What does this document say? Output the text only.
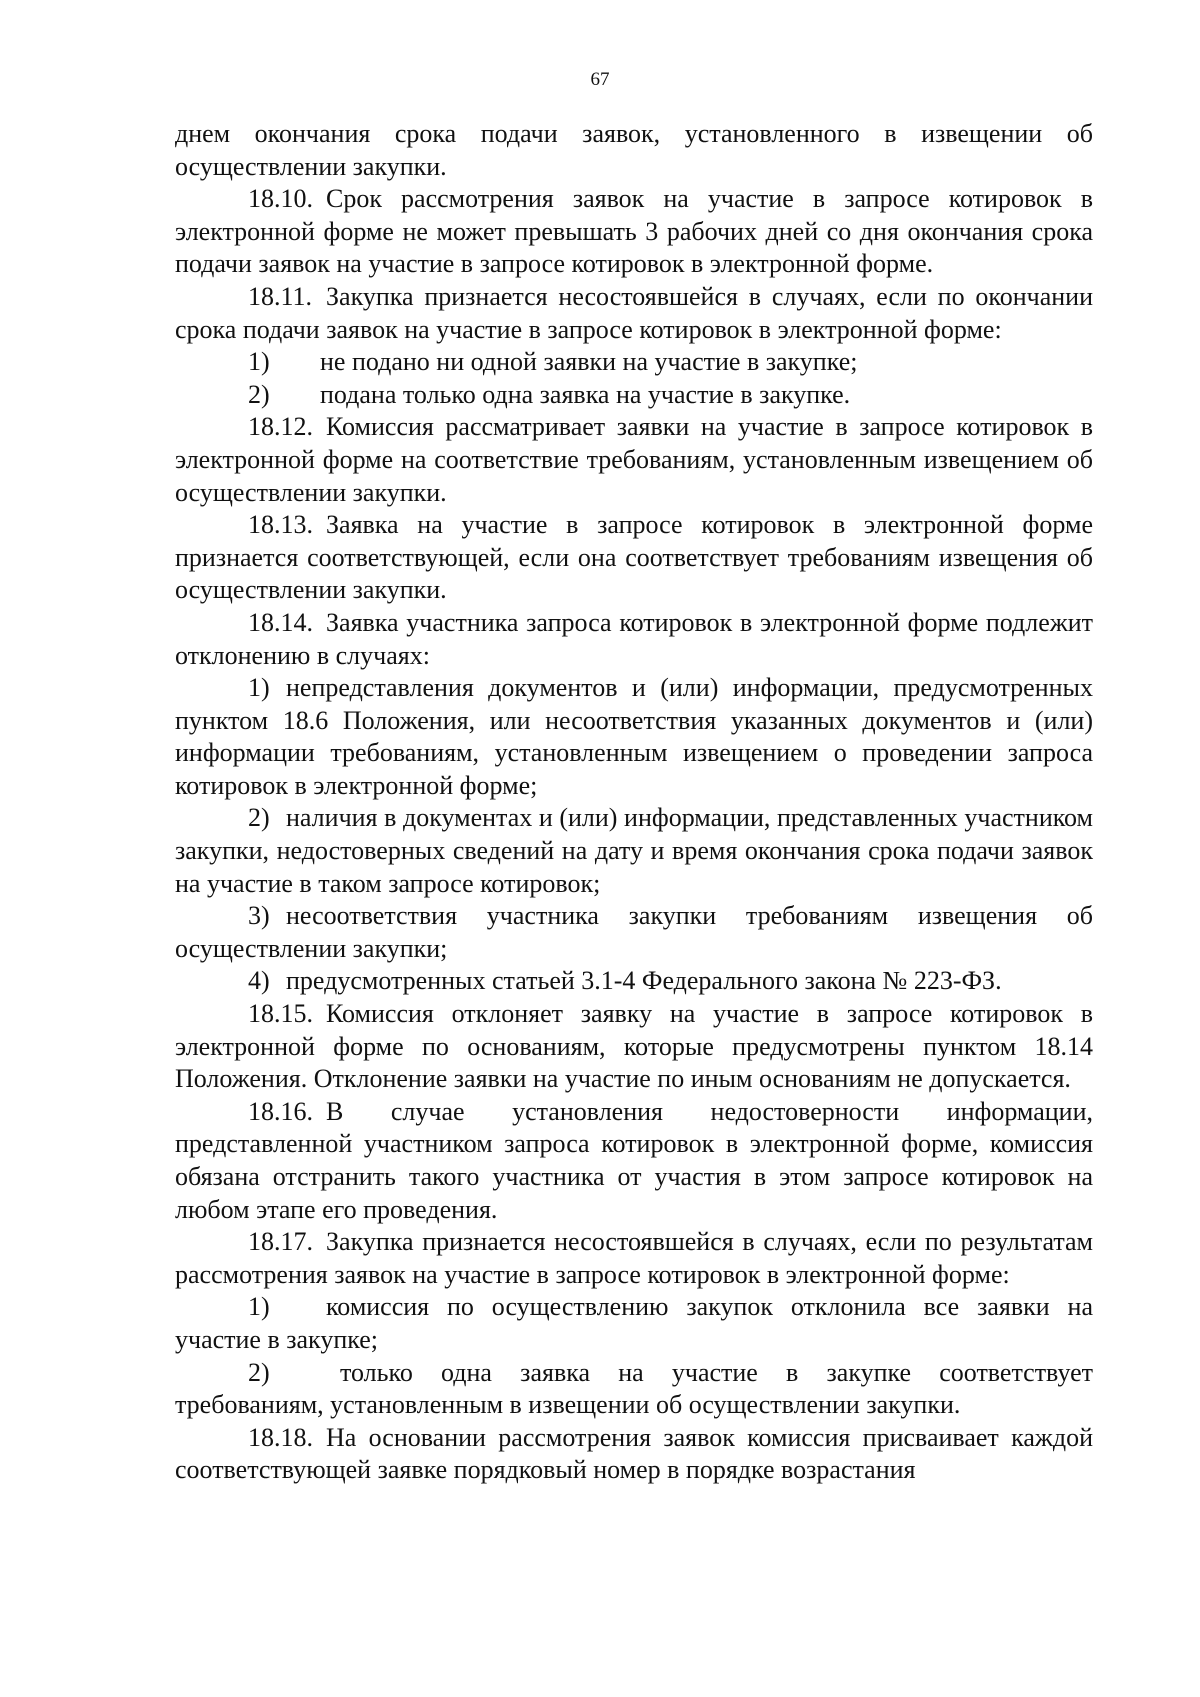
67

днем окончания срока подачи заявок, установленного в извещении об осуществлении закупки.

18.10. Срок рассмотрения заявок на участие в запросе котировок в электронной форме не может превышать 3 рабочих дней со дня окончания срока подачи заявок на участие в запросе котировок в электронной форме.

18.11. Закупка признается несостоявшейся в случаях, если по окончании срока подачи заявок на участие в запросе котировок в электронной форме:

1)	не подано ни одной заявки на участие в закупке;
2)	подана только одна заявка на участие в закупке.

18.12. Комиссия рассматривает заявки на участие в запросе котировок в электронной форме на соответствие требованиям, установленным извещением об осуществлении закупки.

18.13. Заявка на участие в запросе котировок в электронной форме признается соответствующей, если она соответствует требованиям извещения об осуществлении закупки.

18.14. Заявка участника запроса котировок в электронной форме подлежит отклонению в случаях:

1) непредставления документов и (или) информации, предусмотренных пунктом 18.6 Положения, или несоответствия указанных документов и (или) информации требованиям, установленным извещением о проведении запроса котировок в электронной форме;

2) наличия в документах и (или) информации, представленных участником закупки, недостоверных сведений на дату и время окончания срока подачи заявок на участие в таком запросе котировок;

3) несоответствия участника закупки требованиям извещения об осуществлении закупки;

4) предусмотренных статьей 3.1-4 Федерального закона № 223-ФЗ.

18.15. Комиссия отклоняет заявку на участие в запросе котировок в электронной форме по основаниям, которые предусмотрены пунктом 18.14 Положения. Отклонение заявки на участие по иным основаниям не допускается.

18.16. В случае установления недостоверности информации, представленной участником запроса котировок в электронной форме, комиссия обязана отстранить такого участника от участия в этом запросе котировок на любом этапе его проведения.

18.17. Закупка признается несостоявшейся в случаях, если по результатам рассмотрения заявок на участие в запросе котировок в электронной форме:

1) комиссия по осуществлению закупок отклонила все заявки на участие в закупке;

2)	только одна заявка на участие в закупке соответствует требованиям, установленным в извещении об осуществлении закупки.

18.18. На основании рассмотрения заявок комиссия присваивает каждой соответствующей заявке порядковый номер в порядке возрастания
